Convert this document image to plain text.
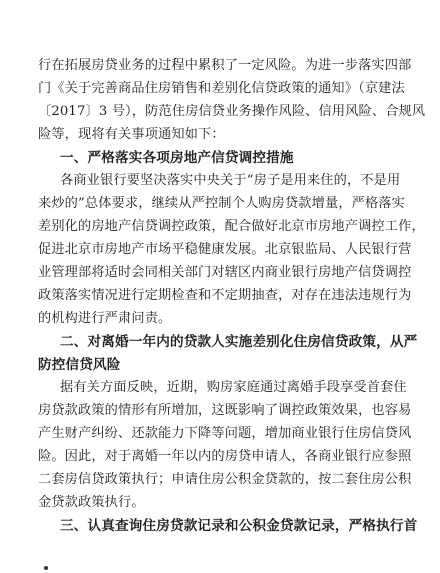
行在拓展房贷业务的过程中累积了一定风险。为进一步落实四部
门《关于完善商品住房销售和差别化信贷政策的通知》（京建法
〔2017〕3 号），防范住房信贷业务操作风险、信用风险、合规风
险等，现将有关事项通知如下：
一、严格落实各项房地产信贷调控措施
各商业银行要坚决落实中央关于“房子是用来住的，不是用
来炒的”总体要求，继续从严控制个人购房贷款增量，严格落实
差别化的房地产信贷调控政策，配合做好北京市房地产调控工作，
促进北京市房地产市场平稳健康发展。北京银监局、人民银行营
业管理部将适时会同相关部门对辖区内商业银行房地产信贷调控
政策落实情况进行定期检查和不定期抽查，对存在违法违规行为
的机构进行严肃问责。
二、对离婚一年内的贷款人实施差别化住房信贷政策，从严
防控信贷风险
据有关方面反映，近期，购房家庭通过离婚手段享受首套住
房贷款政策的情形有所增加，这既影响了调控政策效果，也容易
产生财产纠纷、还款能力下降等问题，增加商业银行住房信贷风
险。因此，对于离婚一年以内的房贷申请人，各商业银行应参照
二套房信贷政策执行；申请住房公积金贷款的，按二套住房公积
金贷款政策执行。
三、认真查询住房贷款记录和公积金贷款记录，严格执行首
